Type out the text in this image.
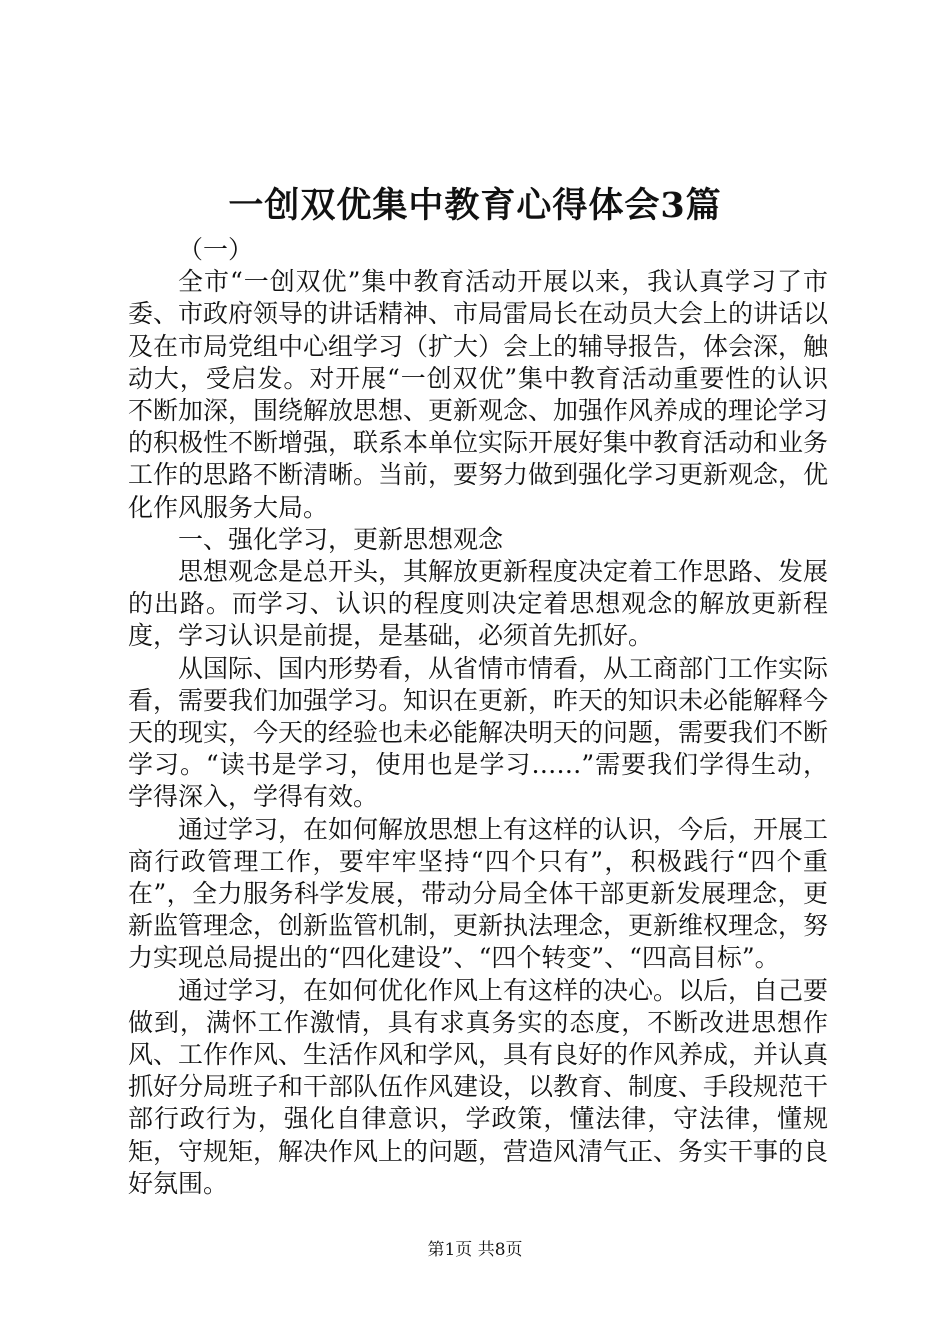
一创双优集中教育心得体会3篇

（一）

全市“一创双优”集中教育活动开展以来，我认真学习了市委、市政府领导的讲话精神、市局雷局长在动员大会上的讲话以及在市局党组中心组学习（扩大）会上的辅导报告，体会深，触动大，受启发。对开展“一创双优”集中教育活动重要性的认识不断加深，围绕解放思想、更新观念、加强作风养成的理论学习的积极性不断增强，联系本单位实际开展好集中教育活动和业务工作的思路不断清晰。当前，要努力做到强化学习更新观念，优化作风服务大局。

一、强化学习，更新思想观念

思想观念是总开头，其解放更新程度决定着工作思路、发展的出路。而学习、认识的程度则决定着思想观念的解放更新程度，学习认识是前提，是基础，必须首先抓好。

从国际、国内形势看，从省情市情看，从工商部门工作实际看，需要我们加强学习。知识在更新，昨天的知识未必能解释今天的现实，今天的经验也未必能解决明天的问题，需要我们不断学习。“读书是学习，使用也是学习……”需要我们学得生动，学得深入，学得有效。

通过学习，在如何解放思想上有这样的认识，今后，开展工商行政管理工作，要牢牢坚持“四个只有”，积极践行“四个重在”，全力服务科学发展，带动分局全体干部更新发展理念，更新监管理念，创新监管机制，更新执法理念，更新维权理念，努力实现总局提出的“四化建设”、“四个转变”、“四高目标”。

通过学习，在如何优化作风上有这样的决心。以后，自己要做到，满怀工作激情，具有求真务实的态度，不断改进思想作风、工作作风、生活作风和学风，具有良好的作风养成，并认真抓好分局班子和干部队伍作风建设，以教育、制度、手段规范干部行政行为，强化自律意识，学政策，懂法律，守法律，懂规矩，守规矩，解决作风上的问题，营造风清气正、务实干事的良好氛围。

第1页 共8页
